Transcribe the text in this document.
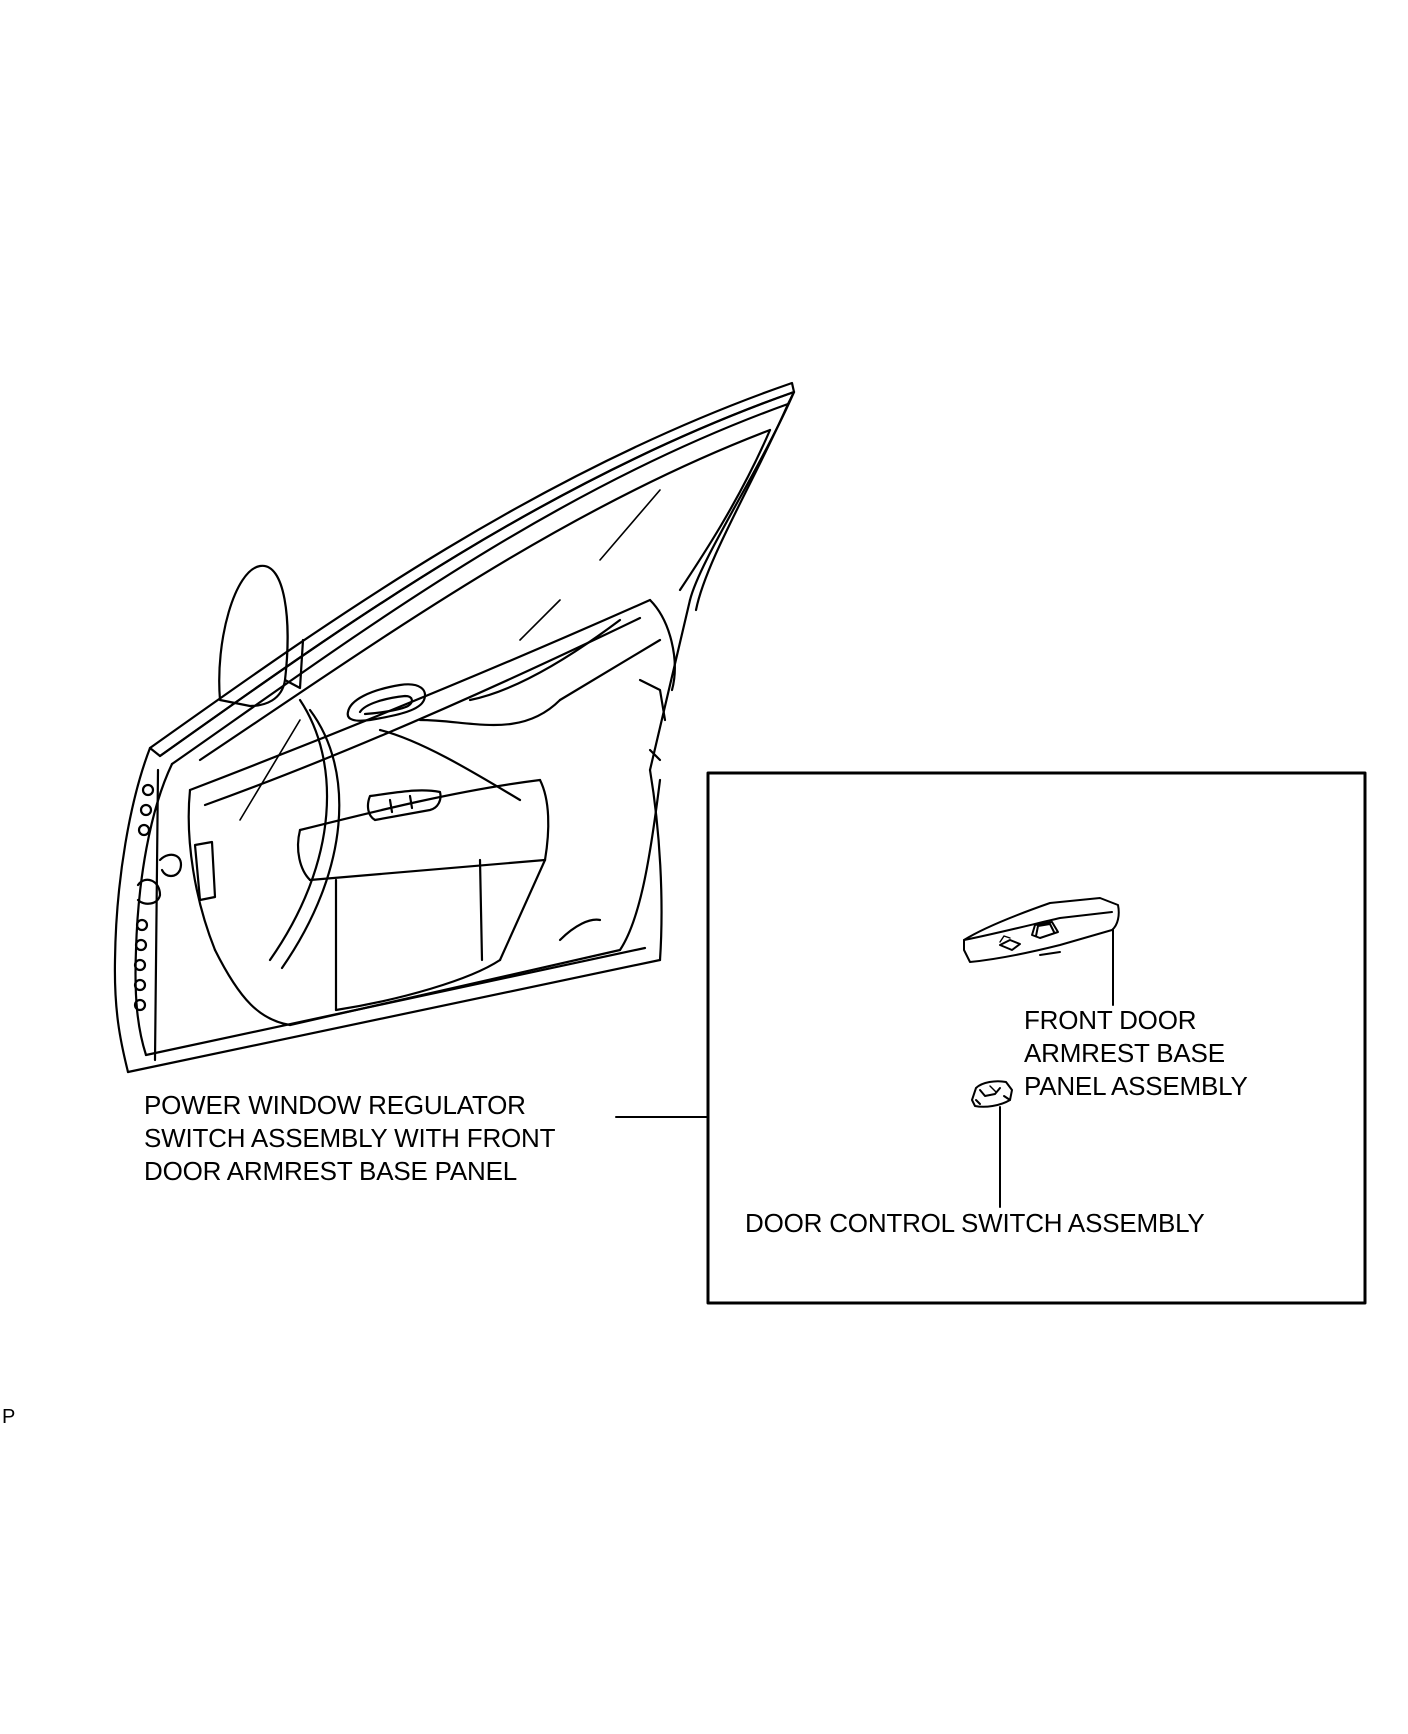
POWER WINDOW REGULATOR
SWITCH ASSEMBLY WITH FRONT
DOOR ARMREST BASE PANEL
FRONT DOOR
ARMREST BASE
PANEL ASSEMBLY
DOOR CONTROL SWITCH ASSEMBLY
P
